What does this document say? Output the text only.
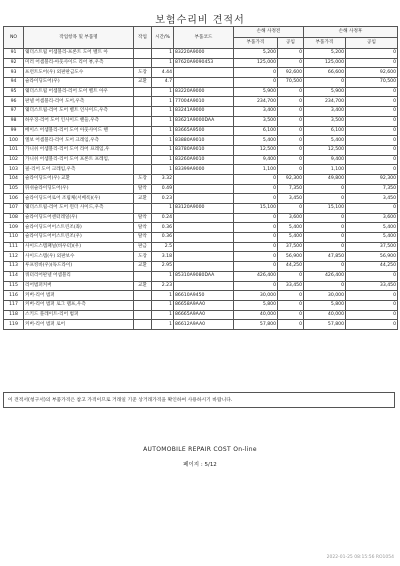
보험수리비 견적서
NO	작업항목 및 부품명	작업	시간/%	부품코드	손해 사정전		손해 사정후	
					부품가격	공임	부품가격	공임
91	웨더스트립 어셈블리-프론트 도어 벨트 아		1	83220A9000	5,200	0	5,200	0
92	미러 어셈블리-아웃사이드 리어 뷰,우측		1	87620A9090453	125,000	0	125,000	0
93	프런트도어(우) 외판판금도수	도장	4.44		0	92,600	66,600	92,600
94	슬라이딩도어(우)	교환	4.7		0	70,500	0	70,500
95	웨더스트립 어셈블리-리어 도어 벨트 아우		1	83220A9000	5,900	0	5,900	0
96	판넬 어셈블리-리어 도어,우측		1	77004A9010	234,700	0	234,700	0
97	웨더스트립-리어 도어 벨트 인사이드,우측		1	83241A9000	3,400	0	3,400	0
98	하우징-리어 도어 인사이드 핸들,우측		1	83621A9000DAA	3,500	0	3,500	0
99	베이스 어셈블리-리어 도어 아웃사이드 핸		1	83665A9500	6,100	0	6,100	0
100	엘보 어셈블리-리어 도어 크레임,우측		1	83880A9010	5,400	0	5,400	0
101	가니쉬 어셈블리-리어 도어 라어 프레임,우		1	83780A9010	12,500	0	12,500	0
102	가니쉬 어셈블리-리어 도어 프론트 프레임,		1	83260A9010	9,400	0	9,400	0
103	필-리어 도어 크레임,우측		1	83399A9000	1,100	0	1,100	0
104	슬라이딩도어(우) 교환	도장	3.32		0	92,300	49,800	92,300
105	뒤쉬슬라이딩도어(우)	탈착	0.49		0	7,350	0	7,350
106	슬라이딩도어로어 조립체(서베록)(우)	교환	0.23		0	3,450	0	3,450
107	웨더스트립-리어 도어 윈더 사이드,우측		1	83120A9000	15,100	0	15,100	0
108	슬라이딩도어센터레일(우)	탈착	0.24		0	3,600	0	3,600
109	슬라이딩도어어스트린조(좌)	탈착	0.36		0	5,400	0	5,400
110	슬라이딩도어어스트린조(우)	탈착	0.36		0	5,400	0	5,400
111	사이드스텝패널(바우터)(우)	판금	2.5		0	37,500	0	37,500
112	사이드스텝(우) 외판보수	도장	3.18		0	56,900	47,850	56,900
113	루프킹바(우)(독드라이)	교환	2.95		0	44,250	0	44,250
114	쿼터리어판넬 어셈블리		1	85310A9080DAA	426,400	0	426,400	0
115	리어범퍼커버	교환	2.23		0	33,450	0	33,450
116	커버-리어 범퍼		1	86610A9450	30,000	0	30,000	0
117	커버-리어 범퍼 로그 램프,우측		1	86658A9AA0	5,800	0	5,800	0
118	스키드 플레이트-리어 범퍼		1	86665A9AA0	40,000	0	40,000	0
119	커버-리어 범퍼 로어		1	86612A9AA0	57,800	0	57,800	0
이 견적서(청구서)의 부품가격은 참고 가격이므로 거래일 기준 상거래가격을 확인하여 사용하시기 바랍니다.
AUTOMOBILE REPAIR COST On-line
페이지 : 5/12
2022-01-25 08:15:56 RO1054
